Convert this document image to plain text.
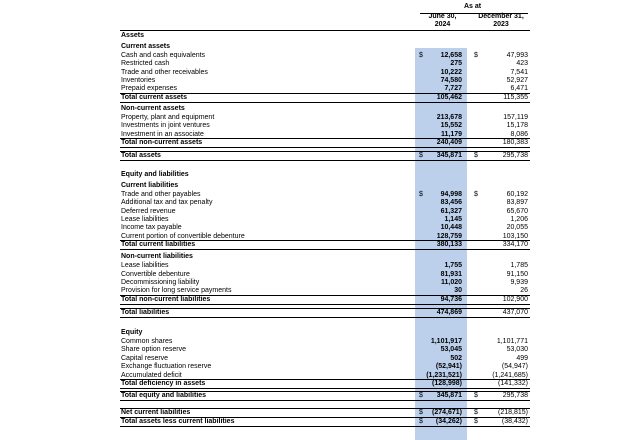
As at
June 30,
2024
December 31,
2023
Assets
Current assets
Cash and cash equivalents	$	12,658 $	47,993
Restricted cash	275	423
Trade and other receivables	10,222	7,541
Inventories	74,580	52,927
Prepaid expenses	7,727	6,471
Total current assets	105,462	115,355
Non-current assets
Property, plant and equipment	213,678	157,119
Investments in joint ventures	15,552	15,178
Investment in an associate	11,179	8,086
Total non-current assets	240,409	180,383
Total assets	$ 345,871 $	295,738
Equity and liabilities
Current liabilities
Trade and other payables	$	94,998 $	60,192
Additional tax and tax penalty	83,456	83,897
Deferred revenue	61,327	65,670
Lease liabilities	1,145	1,206
Income tax payable	10,448	20,055
Current portion of convertible debenture	128,759	103,150
Total current liabilities	380,133	334,170
Non-current liabilities
Lease liabilities	1,755	1,785
Convertible debenture	81,931	91,150
Decommissioning liability	11,020	9,939
Provision for long service payments	30	26
Total non-current liabilities	94,736	102,900
Total liabilities	474,869	437,070
Equity
Common shares	1,101,917	1,101,771
Share option reserve	53,045	53,030
Capital reserve	502	499
Exchange fluctuation reserve	(52,941)	(54,947)
Accumulated deficit	(1,231,521)	(1,241,685)
Total deficiency in assets	(128,998)	(141,332)
Total equity and liabilities	$ 345,871 $	295,738
Net current liabilities	$ (274,671) $	(218,815)
Total assets less current liabilities	$ (34,262) $	(38,432)
